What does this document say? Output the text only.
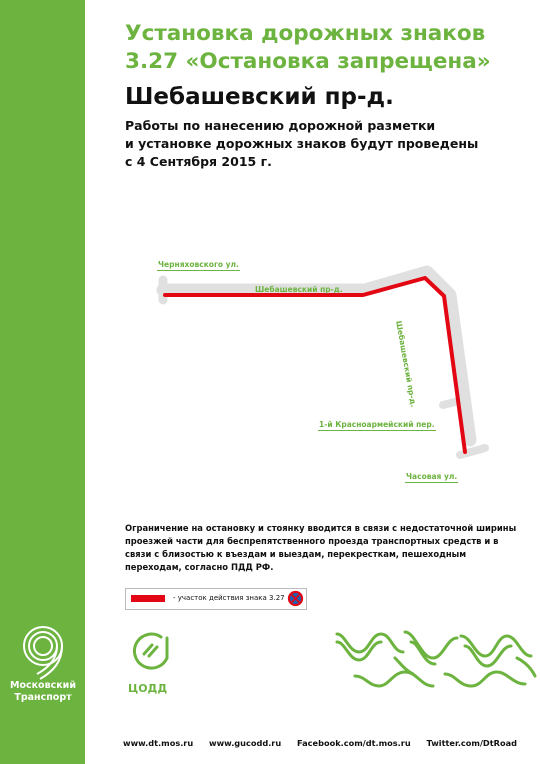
Московский
Транспорт
Установка дорожных знаков
3.27 «Остановка запрещена»
Шебашевский пр-д.
Работы по нанесению дорожной разметки
и установке дорожных знаков будут проведены
с 4 Сентября 2015 г.
Черняховского ул.
Шебашевский пр-д.
Шебашевский пр-д.
1-й Красноармейский пер.
Часовая ул.
Ограничение на остановку и стоянку вводится в связи с недостаточной ширины проезжей части для беспрепятственного проезда транспортных средств и в связи с близостью к въездам и выездам, перекресткам, пешеходным переходам, согласно ПДД РФ.
- участок действия знака 3.27
ЦОДД
www.dt.mos.ru www.gucodd.ru Facebook.com/dt.mos.ru Twitter.com/DtRoad
